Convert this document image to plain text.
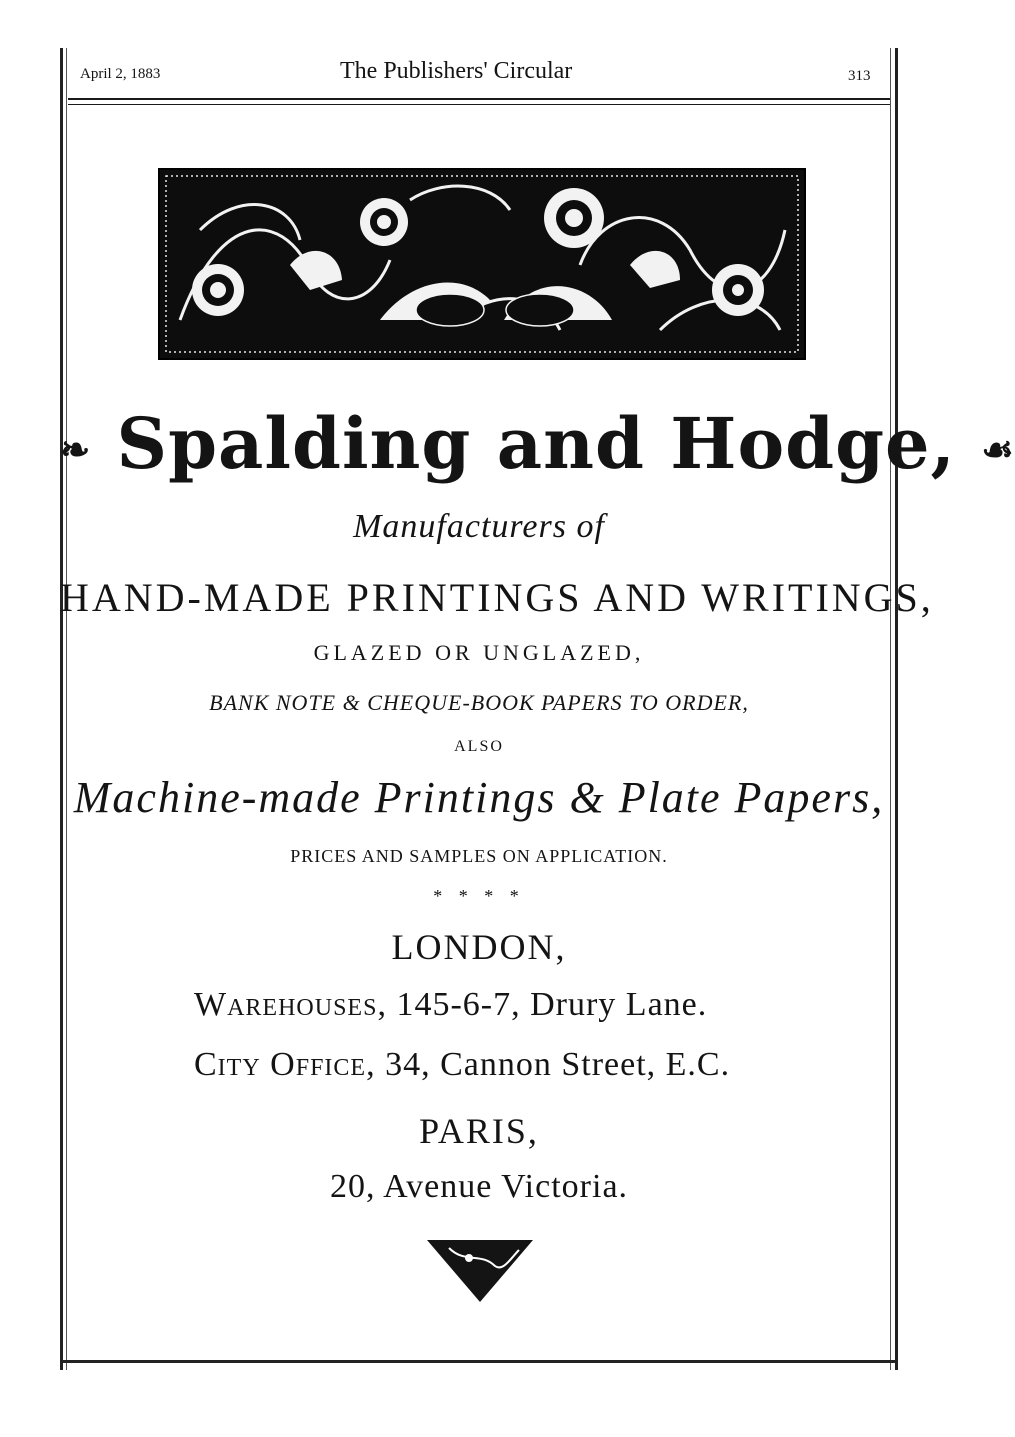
April 2, 1883	The Publishers' Circular	313
❧ Spalding and Hodge, ☙
Manufacturers of
HAND-MADE PRINTINGS AND WRITINGS,
GLAZED OR UNGLAZED,
BANK NOTE & CHEQUE-BOOK PAPERS TO ORDER,
ALSO
Machine-made Printings & Plate Papers,
PRICES AND SAMPLES ON APPLICATION.
* * * *
LONDON,
Warehouses, 145-6-7, Drury Lane.
City Office, 34, Cannon Street, E.C.
PARIS,
20, Avenue Victoria.
